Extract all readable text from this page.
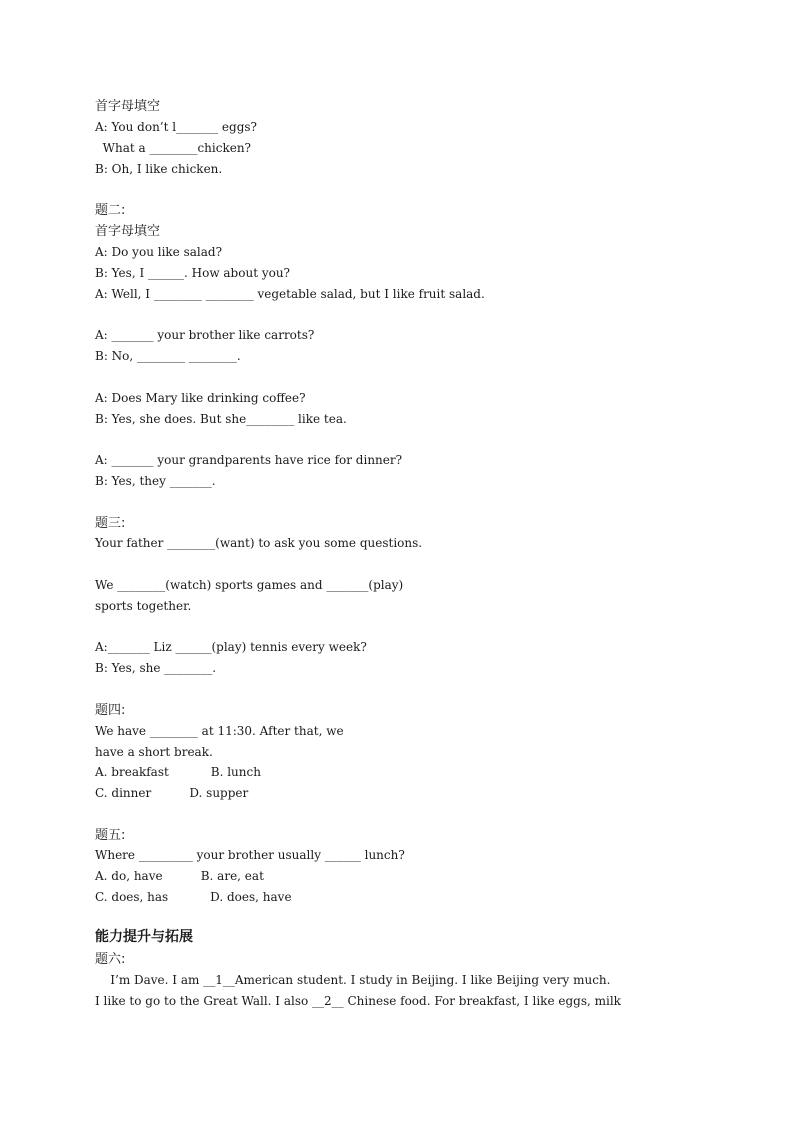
首字母填空

A: You don’t l_______ eggs?

What a ________chicken?

B: Oh, I like chicken.

题二:

首字母填空

A: Do you like salad?

B: Yes, I ______. How about you?

A: Well, I ________ ________ vegetable salad, but I like fruit salad.

A: _______ your brother like carrots?

B: No, ________ ________.

A: Does Mary like drinking coffee?

B: Yes, she does. But she________ like tea.

A: _______ your grandparents have rice for dinner?

B: Yes, they _______.

题三:

Your father ________(want) to ask you some questions.

We ________(watch) sports games and _______(play)

sports together.

A:_______ Liz ______(play) tennis every week?

B: Yes, she ________.

题四:

We have ________ at 11:30. After that, we

have a short break.

A. breakfast           B. lunch

C. dinner          D. supper

题五:

Where _________ your brother usually ______ lunch?

A. do, have          B. are, eat

C. does, has           D. does, have

能力提升与拓展

题六:

I’m Dave. I am __1__American student. I study in Beijing. I like Beijing very much.

I like to go to the Great Wall. I also __2__ Chinese food. For breakfast, I like eggs, milk
